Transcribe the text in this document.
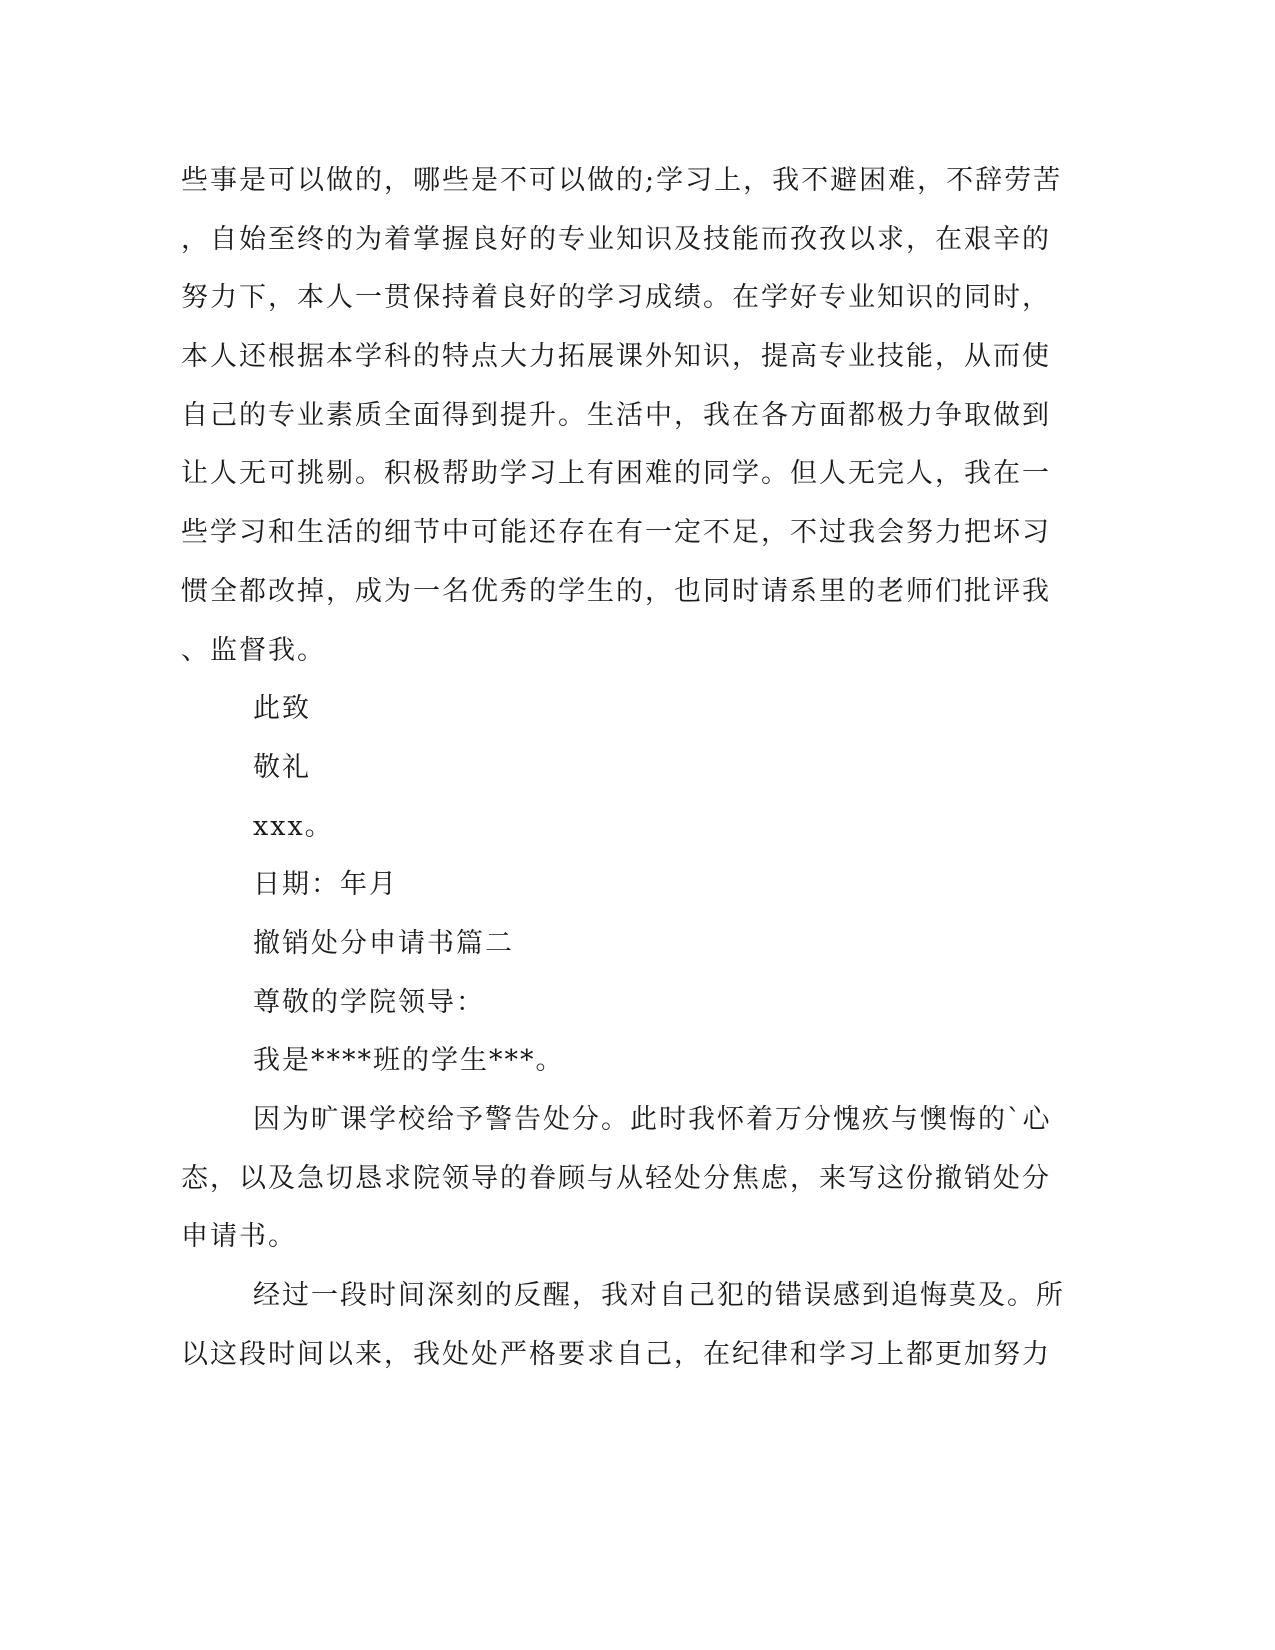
些事是可以做的，哪些是不可以做的;学习上，我不避困难，不辞劳苦
，自始至终的为着掌握良好的专业知识及技能而孜孜以求，在艰辛的
努力下，本人一贯保持着良好的学习成绩。在学好专业知识的同时，
本人还根据本学科的特点大力拓展课外知识，提高专业技能，从而使
自己的专业素质全面得到提升。生活中，我在各方面都极力争取做到
让人无可挑剔。积极帮助学习上有困难的同学。但人无完人，我在一
些学习和生活的细节中可能还存在有一定不足，不过我会努力把坏习
惯全都改掉，成为一名优秀的学生的，也同时请系里的老师们批评我
、监督我。
此致
敬礼
xxx。
日期：年月
撤销处分申请书篇二
尊敬的学院领导：
我是****班的学生***。
因为旷课学校给予警告处分。此时我怀着万分愧疚与懊悔的`心
态，以及急切恳求院领导的眷顾与从轻处分焦虑，来写这份撤销处分
申请书。
经过一段时间深刻的反醒，我对自己犯的错误感到追悔莫及。所
以这段时间以来，我处处严格要求自己，在纪律和学习上都更加努力
